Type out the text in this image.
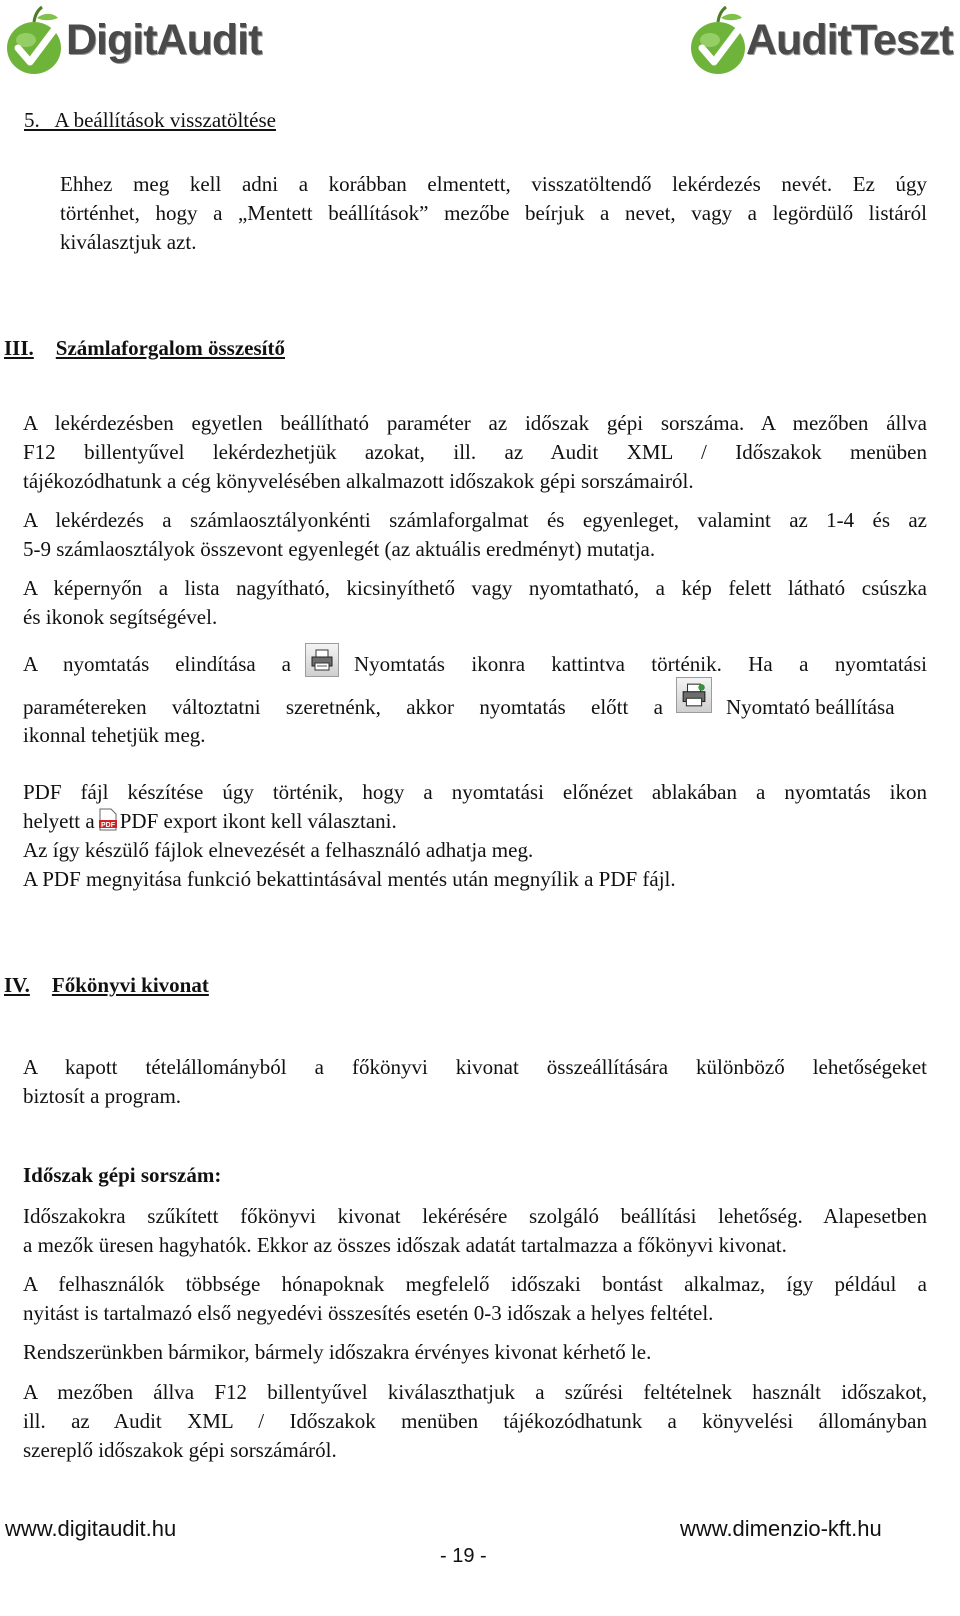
DigitAudit	AuditTeszt
5.   A beállítások visszatöltése
Ehhez meg kell adni a korábban elmentett, visszatöltendő lekérdezés nevét. Ez úgy
történhet, hogy a „Mentett beállítások” mezőbe beírjuk a nevet, vagy a legördülő listáról
kiválasztjuk azt.
III. Számlaforgalom összesítő
A lekérdezésben egyetlen beállítható paraméter az időszak gépi sorszáma. A mezőben állva
F12 billentyűvel lekérdezhetjük azokat, ill. az Audit XML / Időszakok menüben
tájékozódhatunk a cég könyvelésében alkalmazott időszakok gépi sorszámairól.
A lekérdezés a számlaosztályonkénti számlaforgalmat és egyenleget, valamint az 1-4 és az
5-9 számlaosztályok összevont egyenlegét (az aktuális eredményt) mutatja.
A képernyőn a lista nagyítható, kicsinyíthető vagy nyomtatható, a kép felett látható csúszka
és ikonok segítségével.
A nyomtatás elindítása a	Nyomtatás ikonra kattintva történik. Ha a nyomtatási
paramétereken változtatni szeretnénk, akkor nyomtatás előtt a	Nyomtató beállítása
ikonnal tehetjük meg.
PDF fájl készítése úgy történik, hogy a nyomtatási előnézet ablakában a nyomtatás ikon
helyett a PDF PDF export ikont kell választani.
Az így készülő fájlok elnevezését a felhasználó adhatja meg.
A PDF megnyitása funkció bekattintásával mentés után megnyílik a PDF fájl.
IV. Főkönyvi kivonat
A kapott tételállományból a főkönyvi kivonat összeállítására különböző lehetőségeket
biztosít a program.
Időszak gépi sorszám:
Időszakokra szűkített főkönyvi kivonat lekérésére szolgáló beállítási lehetőség. Alapesetben
a mezők üresen hagyhatók. Ekkor az összes időszak adatát tartalmazza a főkönyvi kivonat.
A felhasználók többsége hónapoknak megfelelő időszaki bontást alkalmaz, így például a
nyitást is tartalmazó első negyedévi összesítés esetén 0-3 időszak a helyes feltétel.
Rendszerünkben bármikor, bármely időszakra érvényes kivonat kérhető le.
A mezőben állva F12 billentyűvel kiválaszthatjuk a szűrési feltételnek használt időszakot,
ill. az Audit XML / Időszakok menüben tájékozódhatunk a könyvelési állományban
szereplő időszakok gépi sorszámáról.
www.digitaudit.hu	www.dimenzio-kft.hu
- 19 -
